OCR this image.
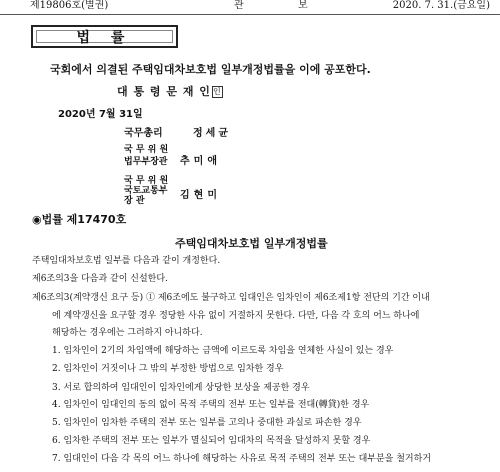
제19806호(별권)	관	보	2020. 7. 31.(금요일)
법 률
국회에서 의결된 주택임대차보호법 일부개정법률을 이에 공포한다.
대 통 령 문 재 인 인
2020년 7월 31일
국무총리	정세균
국 무 위 원
법무부장관 추미애
국 무 위 원
국토교통부
장 관	김현미
◉법률 제17470호
주택임대차보호법 일부개정법률
주택임대차보호법 일부를 다음과 같이 개정한다.
제6조의3을 다음과 같이 신설한다.
제6조의3(계약갱신 요구 등) ① 제6조에도 불구하고 임대인은 임차인이 제6조제1항 전단의 기간 이내
에 계약갱신을 요구할 경우 정당한 사유 없이 거절하지 못한다. 다만, 다음 각 호의 어느 하나에
해당하는 경우에는 그러하지 아니하다.
1. 임차인이 2기의 차임액에 해당하는 금액에 이르도록 차임을 연체한 사실이 있는 경우
2. 임차인이 거짓이나 그 밖의 부정한 방법으로 임차한 경우
3. 서로 합의하여 임대인이 임차인에게 상당한 보상을 제공한 경우
4. 임차인이 임대인의 동의 없이 목적 주택의 전부 또는 일부를 전대(轉貸)한 경우
5. 임차인이 임차한 주택의 전부 또는 일부를 고의나 중대한 과실로 파손한 경우
6. 임차한 주택의 전부 또는 일부가 멸실되어 임대차의 목적을 달성하지 못할 경우
7. 임대인이 다음 각 목의 어느 하나에 해당하는 사유로 목적 주택의 전부 또는 대부분을 철거하거
